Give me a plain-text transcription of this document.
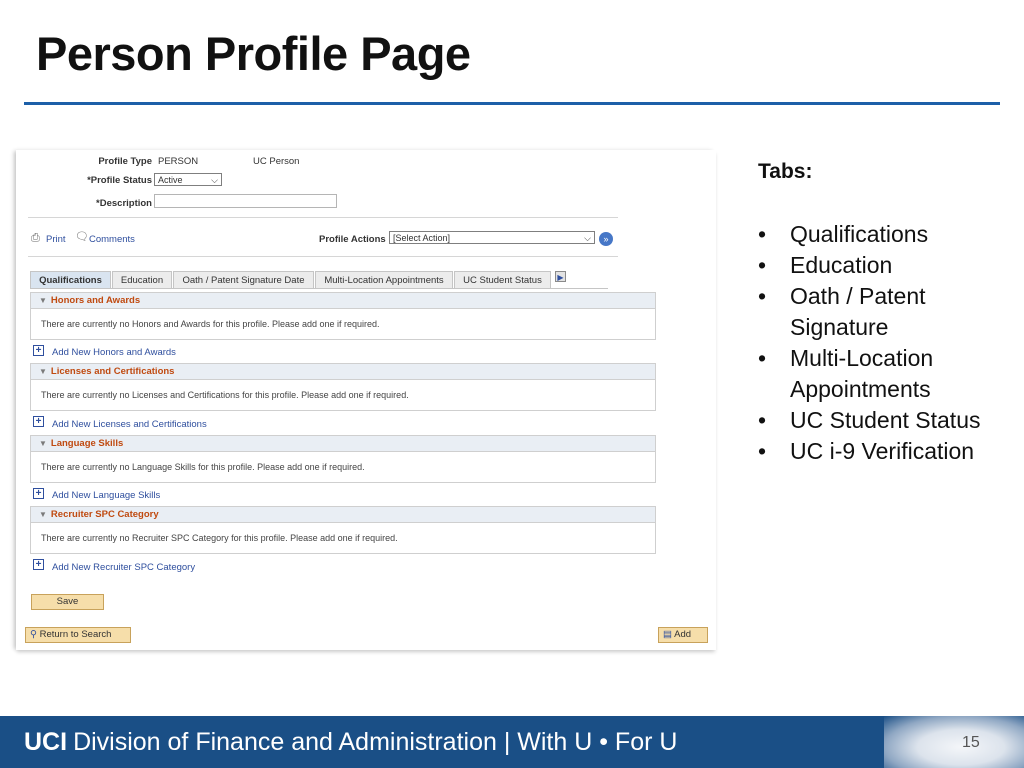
Person Profile Page
Profile Type PERSON	UC Person
*Profile Status Active	⌵
*Description
⎙ Print 🗨 Comments	Profile Actions [Select Action]	⌵	»
Qualifications	Education	Oath / Patent Signature Date	Multi-Location Appointments	UC Student Status	▶
▼ Honors and Awards
There are currently no Honors and Awards for this profile. Please add one if required.
+ Add New Honors and Awards
▼ Licenses and Certifications
There are currently no Licenses and Certifications for this profile. Please add one if required.
+ Add New Licenses and Certifications
▼ Language Skills
There are currently no Language Skills for this profile. Please add one if required.
+ Add New Language Skills
▼ Recruiter SPC Category
There are currently no Recruiter SPC Category for this profile. Please add one if required.
+ Add New Recruiter SPC Category
Save
⚲ Return to Search	▤ Add
Tabs:
• Qualifications
• Education
• Oath / Patent Signature
• Multi-Location Appointments
• UC Student Status
• UC i-9 Verification
UCI Division of Finance and Administration | With U • For U	15
